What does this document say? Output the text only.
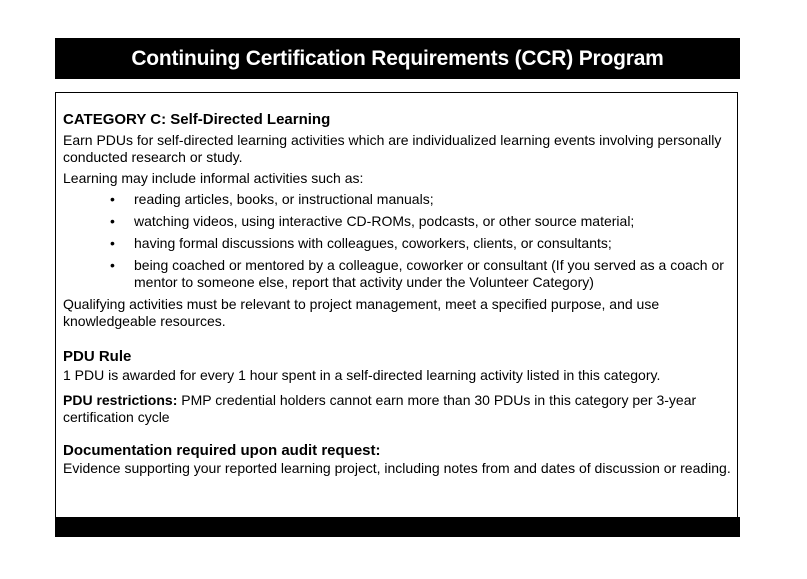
Continuing Certification Requirements (CCR) Program

CATEGORY C: Self-Directed Learning

Earn PDUs for self-directed learning activities which are individualized learning events involving personally conducted research or study.

Learning may include informal activities such as:

• reading articles, books, or instructional manuals;
• watching videos, using interactive CD-ROMs, podcasts, or other source material;
• having formal discussions with colleagues, coworkers, clients, or consultants;
• being coached or mentored by a colleague, coworker or consultant (If you served as a coach or mentor to someone else, report that activity under the Volunteer Category)

Qualifying activities must be relevant to project management, meet a specified purpose, and use knowledgeable resources.

PDU Rule

1 PDU is awarded for every 1 hour spent in a self-directed learning activity listed in this category.

PDU restrictions: PMP credential holders cannot earn more than 30 PDUs in this category per 3-year certification cycle

Documentation required upon audit request:

Evidence supporting your reported learning project, including notes from and dates of discussion or reading.
